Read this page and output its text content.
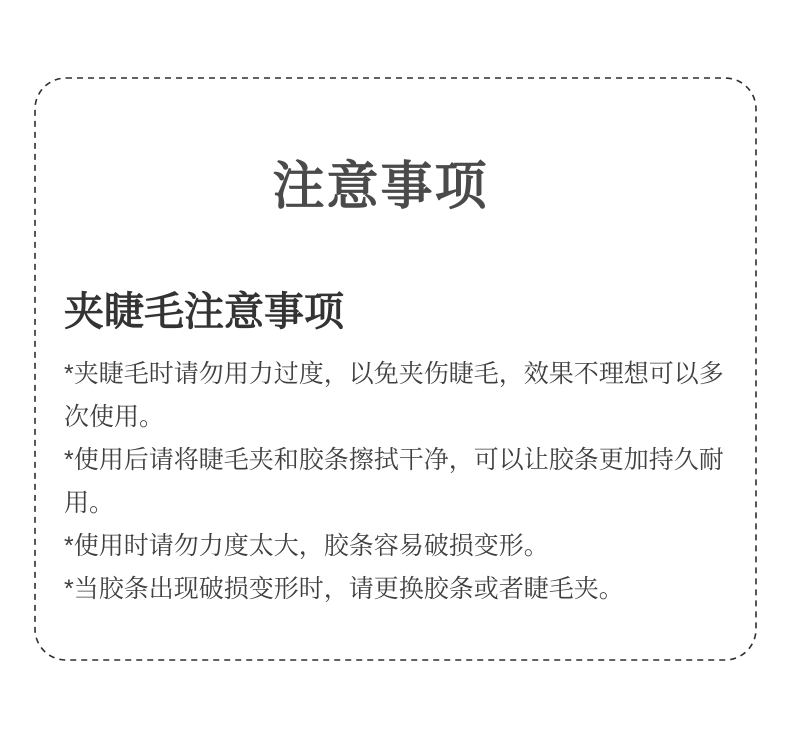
注意事项
夹睫毛注意事项

*夹睫毛时请勿用力过度，以免夹伤睫毛，效果不理想可以多次使用。

*使用后请将睫毛夹和胶条擦拭干净，可以让胶条更加持久耐用。

*使用时请勿力度太大，胶条容易破损变形。

*当胶条出现破损变形时，请更换胶条或者睫毛夹。
